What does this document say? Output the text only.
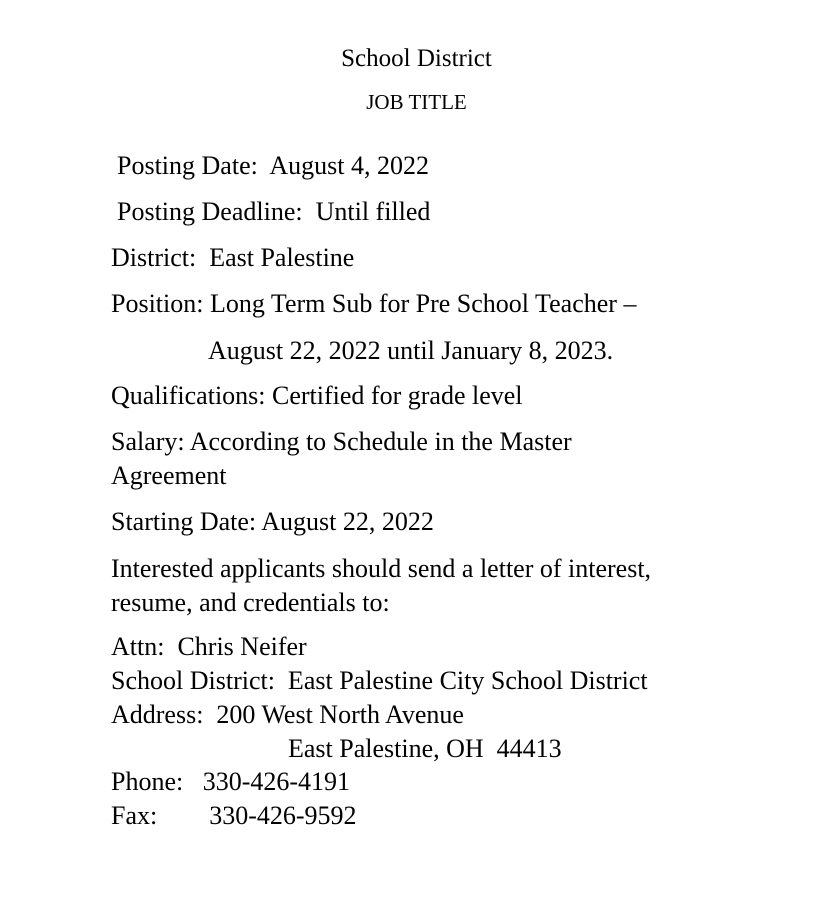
School District
JOB TITLE
Posting Date:  August 4, 2022
Posting Deadline:  Until filled
District:  East Palestine
Position: Long Term Sub for Pre School Teacher –
August 22, 2022 until January 8, 2023.
Qualifications: Certified for grade level
Salary: According to Schedule in the Master
Agreement
Starting Date: August 22, 2022
Interested applicants should send a letter of interest,
resume, and credentials to:
Attn:  Chris Neifer
School District:  East Palestine City School District
Address:  200 West North Avenue
East Palestine, OH  44413
Phone:   330-426-4191
Fax:        330-426-9592
